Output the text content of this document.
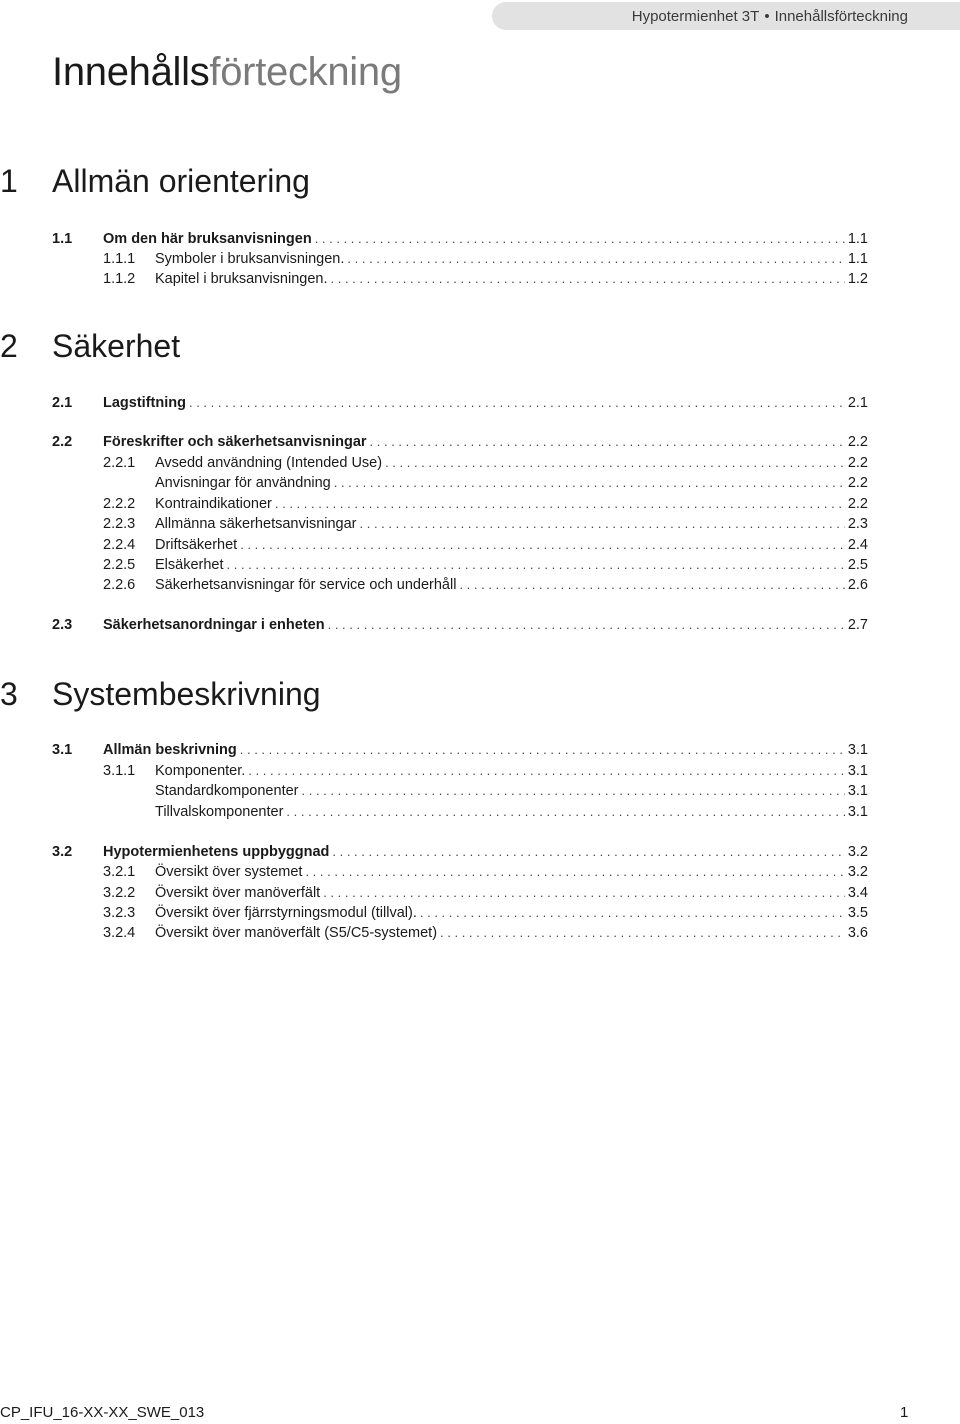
Hypotermienhet 3T • Innehållsförteckning
Innehållsförteckning
1 Allmän orientering
1.1 Om den här bruksanvisningen . . .	1.1
1.1.1 Symboler i bruksanvisningen. . . .	1.1
1.1.2 Kapitel i bruksanvisningen. . . .	1.2
2 Säkerhet
2.1 Lagstiftning . . .	2.1
2.2 Föreskrifter och säkerhetsanvisningar . . .	2.2
2.2.1 Avsedd användning (Intended Use) . . .	2.2
Anvisningar för användning . . .	2.2
2.2.2 Kontraindikationer . . .	2.2
2.2.3 Allmänna säkerhetsanvisningar . . .	2.3
2.2.4 Driftsäkerhet . . .	2.4
2.2.5 Elsäkerhet . . .	2.5
2.2.6 Säkerhetsanvisningar för service och underhåll . . .	2.6
2.3 Säkerhetsanordningar i enheten . . .	2.7
3 Systembeskrivning
3.1 Allmän beskrivning . . .	3.1
3.1.1 Komponenter. . . .	3.1
Standardkomponenter . . .	3.1
Tillvalskomponenter . . .	3.1
3.2 Hypotermienhetens uppbyggnad . . .	3.2
3.2.1 Översikt över systemet . . .	3.2
3.2.2 Översikt över manöverfält . . .	3.4
3.2.3 Översikt över fjärrstyrningsmodul (tillval). . . .	3.5
3.2.4 Översikt över manöverfält (S5/C5-systemet) . . .	3.6
CP_IFU_16-XX-XX_SWE_013	1
